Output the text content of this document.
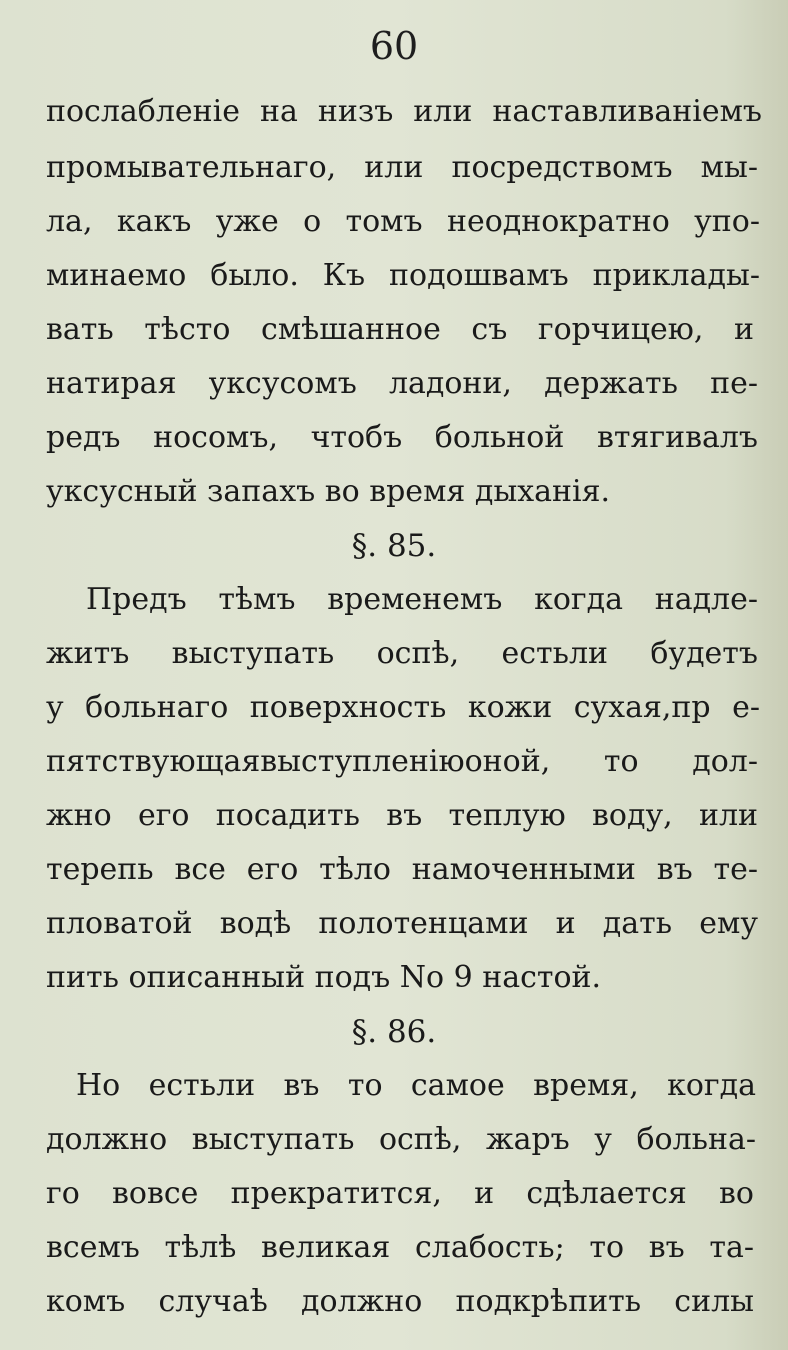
60
послабленіе на низъ или наставливаніемъ
промывательнаго, или посредствомъ мы-
ла, какъ уже о томъ неоднократно упо-
минаемо было. Къ подошвамъ приклады-
вать тѣсто смѣшанное съ горчицею, и
натирая уксусомъ ладони, держать пе-
редъ носомъ, чтобъ больной втягивалъ
уксусный запахъ во время дыханія.
§. 85.
Предъ тѣмъ временемъ когда надле-
житъ выступать оспѣ, естьли будетъ
у больнаго поверхность кожи сухая,пр е-
пятствующаявыступленіюоной, то дол-
жно его посадить въ теплую воду, или
терепь все его тѣло намоченными въ те-
пловатой водѣ полотенцами и дать ему
пить описанный подъ No 9 настой.
§. 86.
Но естьли въ то самое время, когда
должно выступать оспѣ, жаръ у больна-
го вовсе прекратится, и сдѣлается во
всемъ тѣлѣ великая слабость; то въ та-
комъ случаѣ должно подкрѣпить силы
